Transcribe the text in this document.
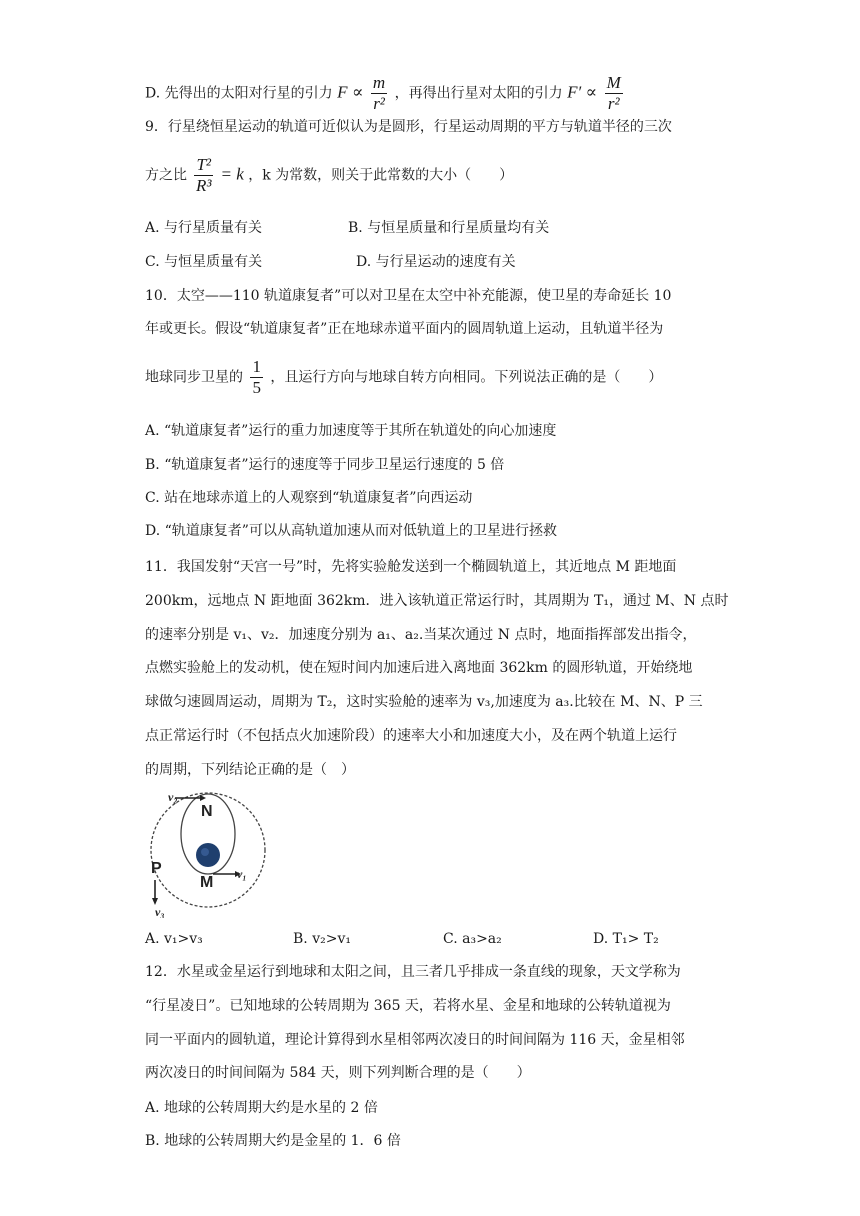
D. 先得出的太阳对行星的引力 $F \propto \frac{m}{\text{r²}}$ ，再得出行星对太阳的引力 $F' \propto \frac{M}{\text{r²}}$
9．行星绕恒星运动的轨道可近似认为是圆形，行星运动周期的平方与轨道半径的三次
方之比 $\frac{\text{T²}}{\text{R³}} = k$ ，k 为常数，则关于此常数的大小（　　）
A. 与行星质量有关	B. 与恒星质量和行星质量均有关
C. 与恒星质量有关	D. 与行星运动的速度有关
10．太空——110 轨道康复者”可以对卫星在太空中补充能源，使卫星的寿命延长 10
年或更长。假设“轨道康复者”正在地球赤道平面内的圆周轨道上运动，且轨道半径为
地球同步卫星的 $\frac{1}{5}$ ，且运行方向与地球自转方向相同。下列说法正确的是（　　）
A. “轨道康复者”运行的重力加速度等于其所在轨道处的向心加速度
B. “轨道康复者”运行的速度等于同步卫星运行速度的 5 倍
C. 站在地球赤道上的人观察到“轨道康复者”向西运动
D. “轨道康复者”可以从高轨道加速从而对低轨道上的卫星进行拯救
11．我国发射“天宫一号”时，先将实验舱发送到一个椭圆轨道上，其近地点 M 距地面
200km，远地点 N 距地面 362km．进入该轨道正常运行时，其周期为 T₁，通过 M、N 点时
的速率分别是 v₁、v₂．加速度分别为 a₁、a₂.当某次通过 N 点时，地面指挥部发出指令，
点燃实验舱上的发动机，使在短时间内加速后进入离地面 362km 的圆形轨道，开始绕地
球做匀速圆周运动，周期为 T₂，这时实验舱的速率为 v₃,加速度为 a₃.比较在 M、N、P 三
点正常运行时（不包括点火加速阶段）的速率大小和加速度大小，及在两个轨道上运行
的周期，下列结论正确的是（　）
N
M
P
v₂
v₁
v₃
A. v₁>v₃	B. v₂>v₁	C. a₃>a₂	D. T₁> T₂
12．水星或金星运行到地球和太阳之间，且三者几乎排成一条直线的现象，天文学称为
“行星凌日”。已知地球的公转周期为 365 天，若将水星、金星和地球的公转轨道视为
同一平面内的圆轨道，理论计算得到水星相邻两次凌日的时间间隔为 116 天，金星相邻
两次凌日的时间间隔为 584 天，则下列判断合理的是（　　）
A. 地球的公转周期大约是水星的 2 倍
B. 地球的公转周期大约是金星的 1．6 倍
